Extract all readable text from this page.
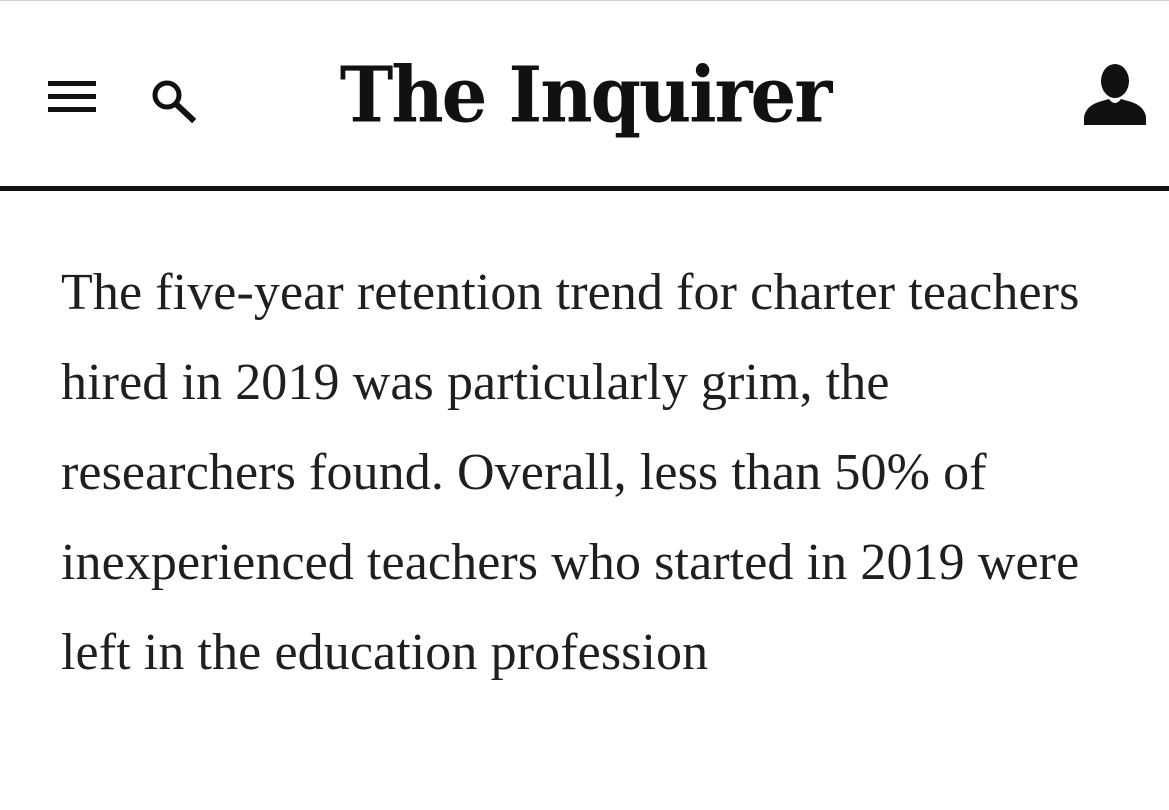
The Inquirer

The five-year retention trend for charter teachers hired in 2019 was particularly grim, the researchers found. Overall, less than 50% of inexperienced teachers who started in 2019 were left in the education profession
